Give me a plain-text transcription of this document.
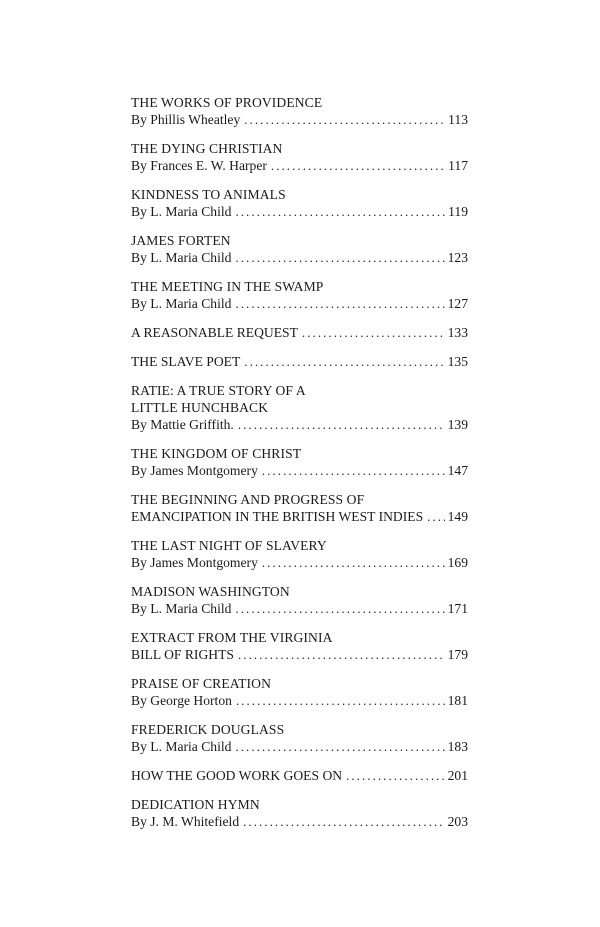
THE WORKS OF PROVIDENCE
By Phillis Wheatley . . .	113
THE DYING CHRISTIAN
By Frances E. W. Harper . . .	117
KINDNESS TO ANIMALS
By L. Maria Child . . .	119
JAMES FORTEN
By L. Maria Child . . .	123
THE MEETING IN THE SWAMP
By L. Maria Child . . .	127
A REASONABLE REQUEST . . .	133
THE SLAVE POET . . .	135
RATIE: A TRUE STORY OF A
LITTLE HUNCHBACK
By Mattie Griffith. . . .	139
THE KINGDOM OF CHRIST
By James Montgomery . . .	147
THE BEGINNING AND PROGRESS OF
EMANCIPATION IN THE BRITISH WEST INDIES . . . 149
THE LAST NIGHT OF SLAVERY
By James Montgomery . . .	169
MADISON WASHINGTON
By L. Maria Child . . .	171
EXTRACT FROM THE VIRGINIA
BILL OF RIGHTS . . .	179
PRAISE OF CREATION
By George Horton . . .	181
FREDERICK DOUGLASS
By L. Maria Child . . .	183
HOW THE GOOD WORK GOES ON . . .	201
DEDICATION HYMN
By J. M. Whitefield . . .	203
